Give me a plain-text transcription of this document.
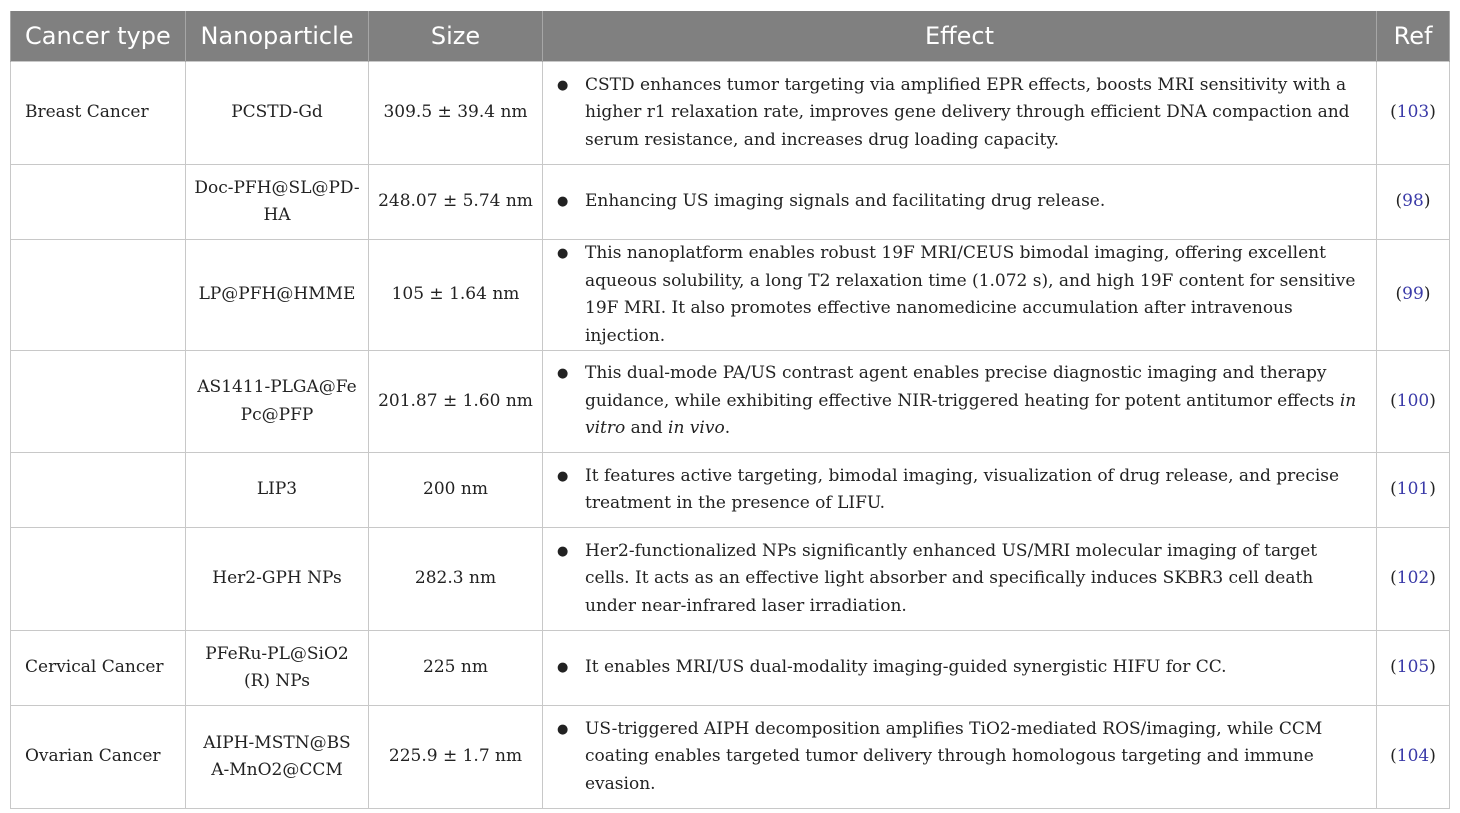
Cancer type	Nanoparticle	Size	Effect	Ref
Breast Cancer	PCSTD-Gd	309.5 ± 39.4 nm	● CSTD enhances tumor targeting via amplified EPR effects, boosts MRI sensitivity with a higher r1 relaxation rate, improves gene delivery through efficient DNA compaction and serum resistance, and increases drug loading capacity.	(103)
	Doc-PFH@SL@PD-HA	248.07 ± 5.74 nm	● Enhancing US imaging signals and facilitating drug release.	(98)
	LP@PFH@HMME	105 ± 1.64 nm	● This nanoplatform enables robust 19F MRI/CEUS bimodal imaging, offering excellent aqueous solubility, a long T2 relaxation time (1.072 s), and high 19F content for sensitive 19F MRI. It also promotes effective nanomedicine accumulation after intravenous injection.	(99)
	AS1411-PLGA@FePc@PFP	201.87 ± 1.60 nm	● This dual-mode PA/US contrast agent enables precise diagnostic imaging and therapy guidance, while exhibiting effective NIR-triggered heating for potent antitumor effects in vitro and in vivo.	(100)
	LIP3	200 nm	● It features active targeting, bimodal imaging, visualization of drug release, and precise treatment in the presence of LIFU.	(101)
	Her2-GPH NPs	282.3 nm	● Her2-functionalized NPs significantly enhanced US/MRI molecular imaging of target cells. It acts as an effective light absorber and specifically induces SKBR3 cell death under near-infrared laser irradiation.	(102)
Cervical Cancer	PFeRu-PL@SiO2 (R) NPs	225 nm	● It enables MRI/US dual-modality imaging-guided synergistic HIFU for CC.	(105)
Ovarian Cancer	AIPH-MSTN@BSA-MnO2@CCM	225.9 ± 1.7 nm	● US-triggered AIPH decomposition amplifies TiO2-mediated ROS/imaging, while CCM coating enables targeted tumor delivery through homologous targeting and immune evasion.	(104)
